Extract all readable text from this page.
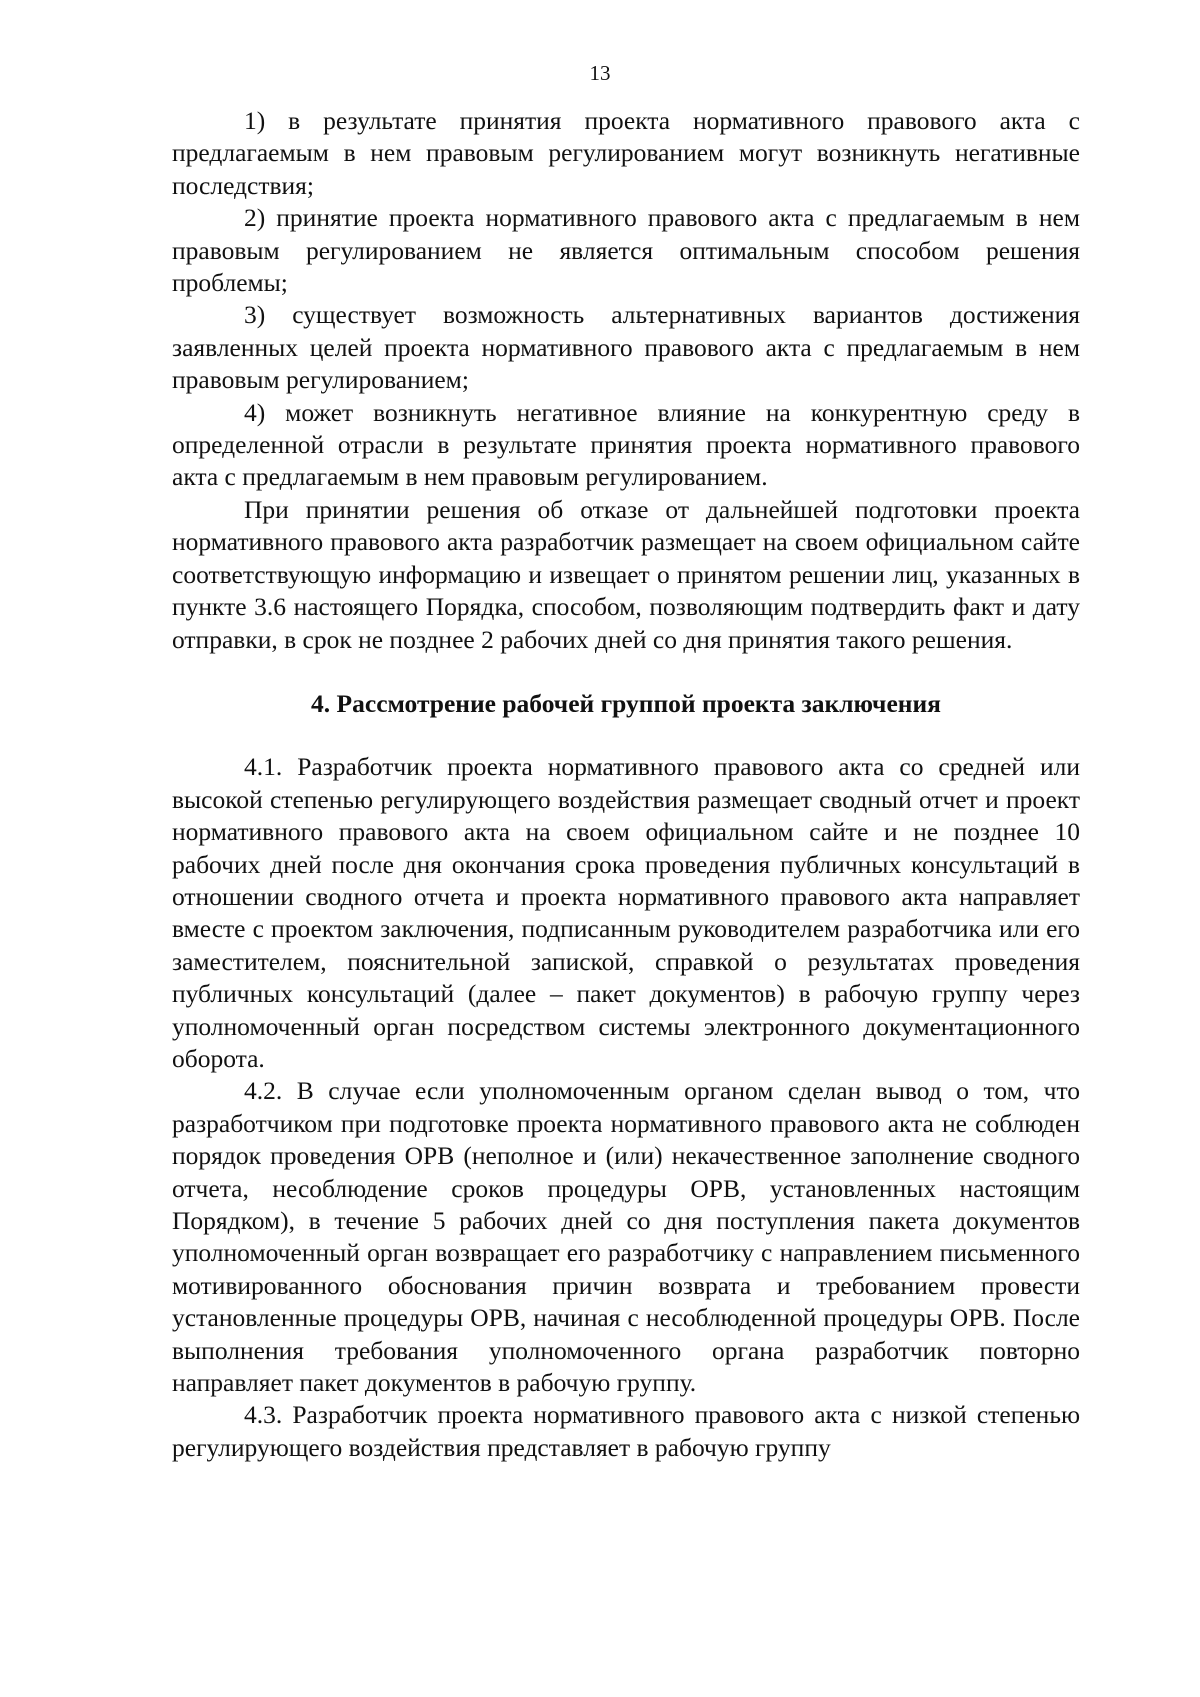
13

1) в результате принятия проекта нормативного правового акта с предлагаемым в нем правовым регулированием могут возникнуть негативные последствия;

2) принятие проекта нормативного правового акта с предлагаемым в нем правовым регулированием не является оптимальным способом решения проблемы;

3) существует возможность альтернативных вариантов достижения заявленных целей проекта нормативного правового акта с предлагаемым в нем правовым регулированием;

4) может возникнуть негативное влияние на конкурентную среду в определенной отрасли в результате принятия проекта нормативного правового акта с предлагаемым в нем правовым регулированием.

При принятии решения об отказе от дальнейшей подготовки проекта нормативного правового акта разработчик размещает на своем официальном сайте соответствующую информацию и извещает о принятом решении лиц, указанных в пункте 3.6 настоящего Порядка, способом, позволяющим подтвердить факт и дату отправки, в срок не позднее 2 рабочих дней со дня принятия такого решения.

4. Рассмотрение рабочей группой проекта заключения

4.1. Разработчик проекта нормативного правового акта со средней или высокой степенью регулирующего воздействия размещает сводный отчет и проект нормативного правового акта на своем официальном сайте и не позднее 10 рабочих дней после дня окончания срока проведения публичных консультаций в отношении сводного отчета и проекта нормативного правового акта направляет вместе с проектом заключения, подписанным руководителем разработчика или его заместителем, пояснительной запиской, справкой о результатах проведения публичных консультаций (далее – пакет документов) в рабочую группу через уполномоченный орган посредством системы электронного документационного оборота.

4.2. В случае если уполномоченным органом сделан вывод о том, что разработчиком при подготовке проекта нормативного правового акта не соблюден порядок проведения ОРВ (неполное и (или) некачественное заполнение сводного отчета, несоблюдение сроков процедуры ОРВ, установленных настоящим Порядком), в течение 5 рабочих дней со дня поступления пакета документов уполномоченный орган возвращает его разработчику с направлением письменного мотивированного обоснования причин возврата и требованием провести установленные процедуры ОРВ, начиная с несоблюденной процедуры ОРВ. После выполнения требования уполномоченного органа разработчик повторно направляет пакет документов в рабочую группу.

4.3. Разработчик проекта нормативного правового акта с низкой степенью регулирующего воздействия представляет в рабочую группу
